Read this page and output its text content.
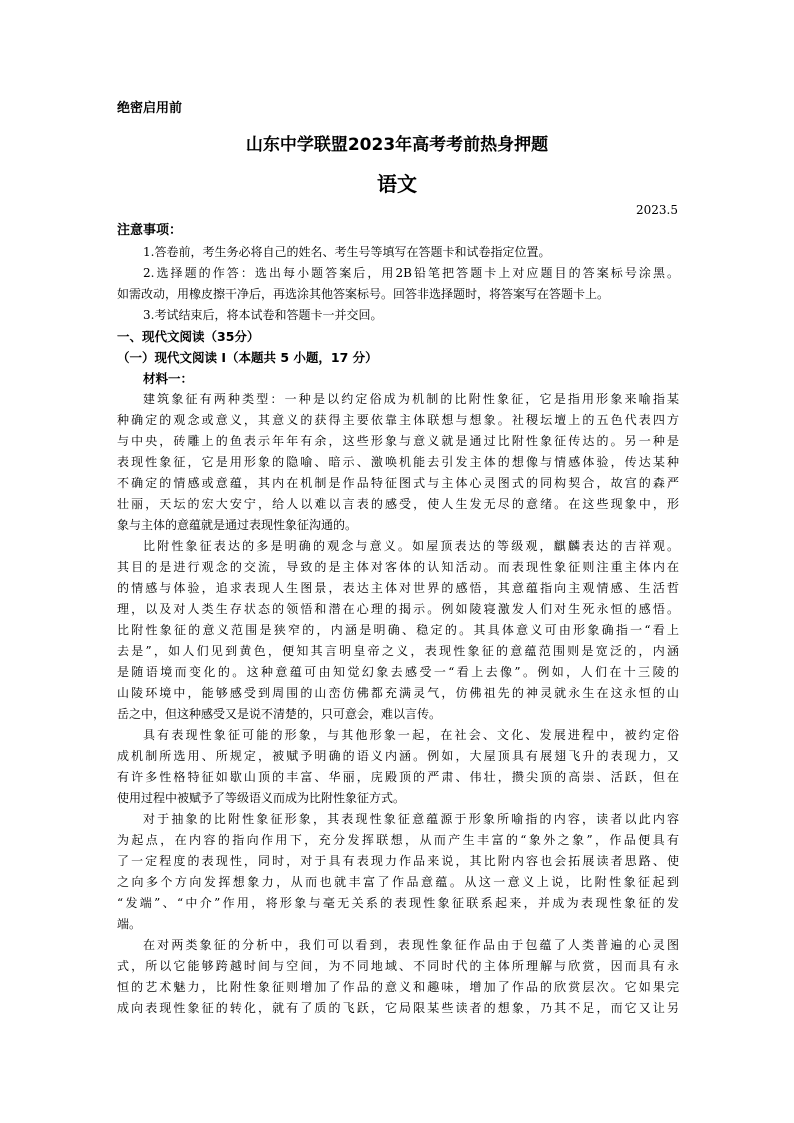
绝密启用前
山东中学联盟2023年高考考前热身押题
语文
2023.5
注意事项：
1.答卷前，考生务必将自己的姓名、考生号等填写在答题卡和试卷指定位置。
2.选择题的作答：选出每小题答案后，用2B铅笔把答题卡上对应题目的答案标号涂黑。
如需改动，用橡皮擦干净后，再选涂其他答案标号。回答非选择题时，将答案写在答题卡上。
3.考试结束后，将本试卷和答题卡一并交回。
一、现代文阅读（35分）
（一）现代文阅读 I（本题共 5 小题，17 分）
材料一：
建筑象征有两种类型：一种是以约定俗成为机制的比附性象征，它是指用形象来喻指某
种确定的观念或意义，其意义的获得主要依靠主体联想与想象。社稷坛壇上的五色代表四方
与中央，砖雕上的鱼表示年年有余，这些形象与意义就是通过比附性象征传达的。另一种是
表现性象征，它是用形象的隐喻、暗示、激唤机能去引发主体的想像与情感体验，传达某种
不确定的情感或意蕴，其内在机制是作品特征图式与主体心灵图式的同构契合，故宫的森严
壮丽，天坛的宏大安宁，给人以难以言表的感受，使人生发无尽的意绪。在这些现象中，形
象与主体的意蕴就是通过表现性象征沟通的。
比附性象征表达的多是明确的观念与意义。如屋顶表达的等级观，麒麟表达的吉祥观。
其目的是进行观念的交流，导致的是主体对客体的认知活动。而表现性象征则注重主体内在
的情感与体验，追求表现人生图景，表达主体对世界的感悟，其意蕴指向主观情感、生活哲
理，以及对人类生存状态的领悟和潜在心理的揭示。例如陵寝激发人们对生死永恒的感悟。
比附性象征的意义范围是狭窄的，内涵是明确、稳定的。其具体意义可由形象确指一“看上
去是”，如人们见到黄色，便知其言明皇帝之义，表现性象征的意蕴范围则是宽泛的，内涵
是随语境而变化的。这种意蕴可由知觉幻象去感受一“看上去像”。例如，人们在十三陵的
山陵环境中，能够感受到周围的山峦仿佛都充满灵气，仿佛祖先的神灵就永生在这永恒的山
岳之中，但这种感受又是说不清楚的，只可意会，难以言传。
具有表现性象征可能的形象，与其他形象一起，在社会、文化、发展进程中，被约定俗
成机制所选用、所规定，被赋予明确的语义内涵。例如，大屋顶具有展翅飞升的表现力，又
有许多性格特征如歇山顶的丰富、华丽，庑殿顶的严肃、伟壮，攒尖顶的高崇、活跃，但在
使用过程中被赋予了等级语义而成为比附性象征方式。
对于抽象的比附性象征形象，其表现性象征意蕴源于形象所喻指的内容，读者以此内容
为起点，在内容的指向作用下，充分发挥联想，从而产生丰富的“象外之象”，作品便具有
了一定程度的表现性，同时，对于具有表现力作品来说，其比附内容也会拓展读者思路、使
之向多个方向发挥想象力，从而也就丰富了作品意蕴。从这一意义上说，比附性象征起到
“发端”、“中介”作用，将形象与毫无关系的表现性象征联系起来，并成为表现性象征的发
端。
在对两类象征的分析中，我们可以看到，表现性象征作品由于包蕴了人类普遍的心灵图
式，所以它能够跨越时间与空间，为不同地域、不同时代的主体所理解与欣赏，因而具有永
恒的艺术魅力，比附性象征则增加了作品的意义和趣味，增加了作品的欣赏层次。它如果完
成向表现性象征的转化，就有了质的飞跃，它局限某些读者的想象，乃其不足，而它又让另
